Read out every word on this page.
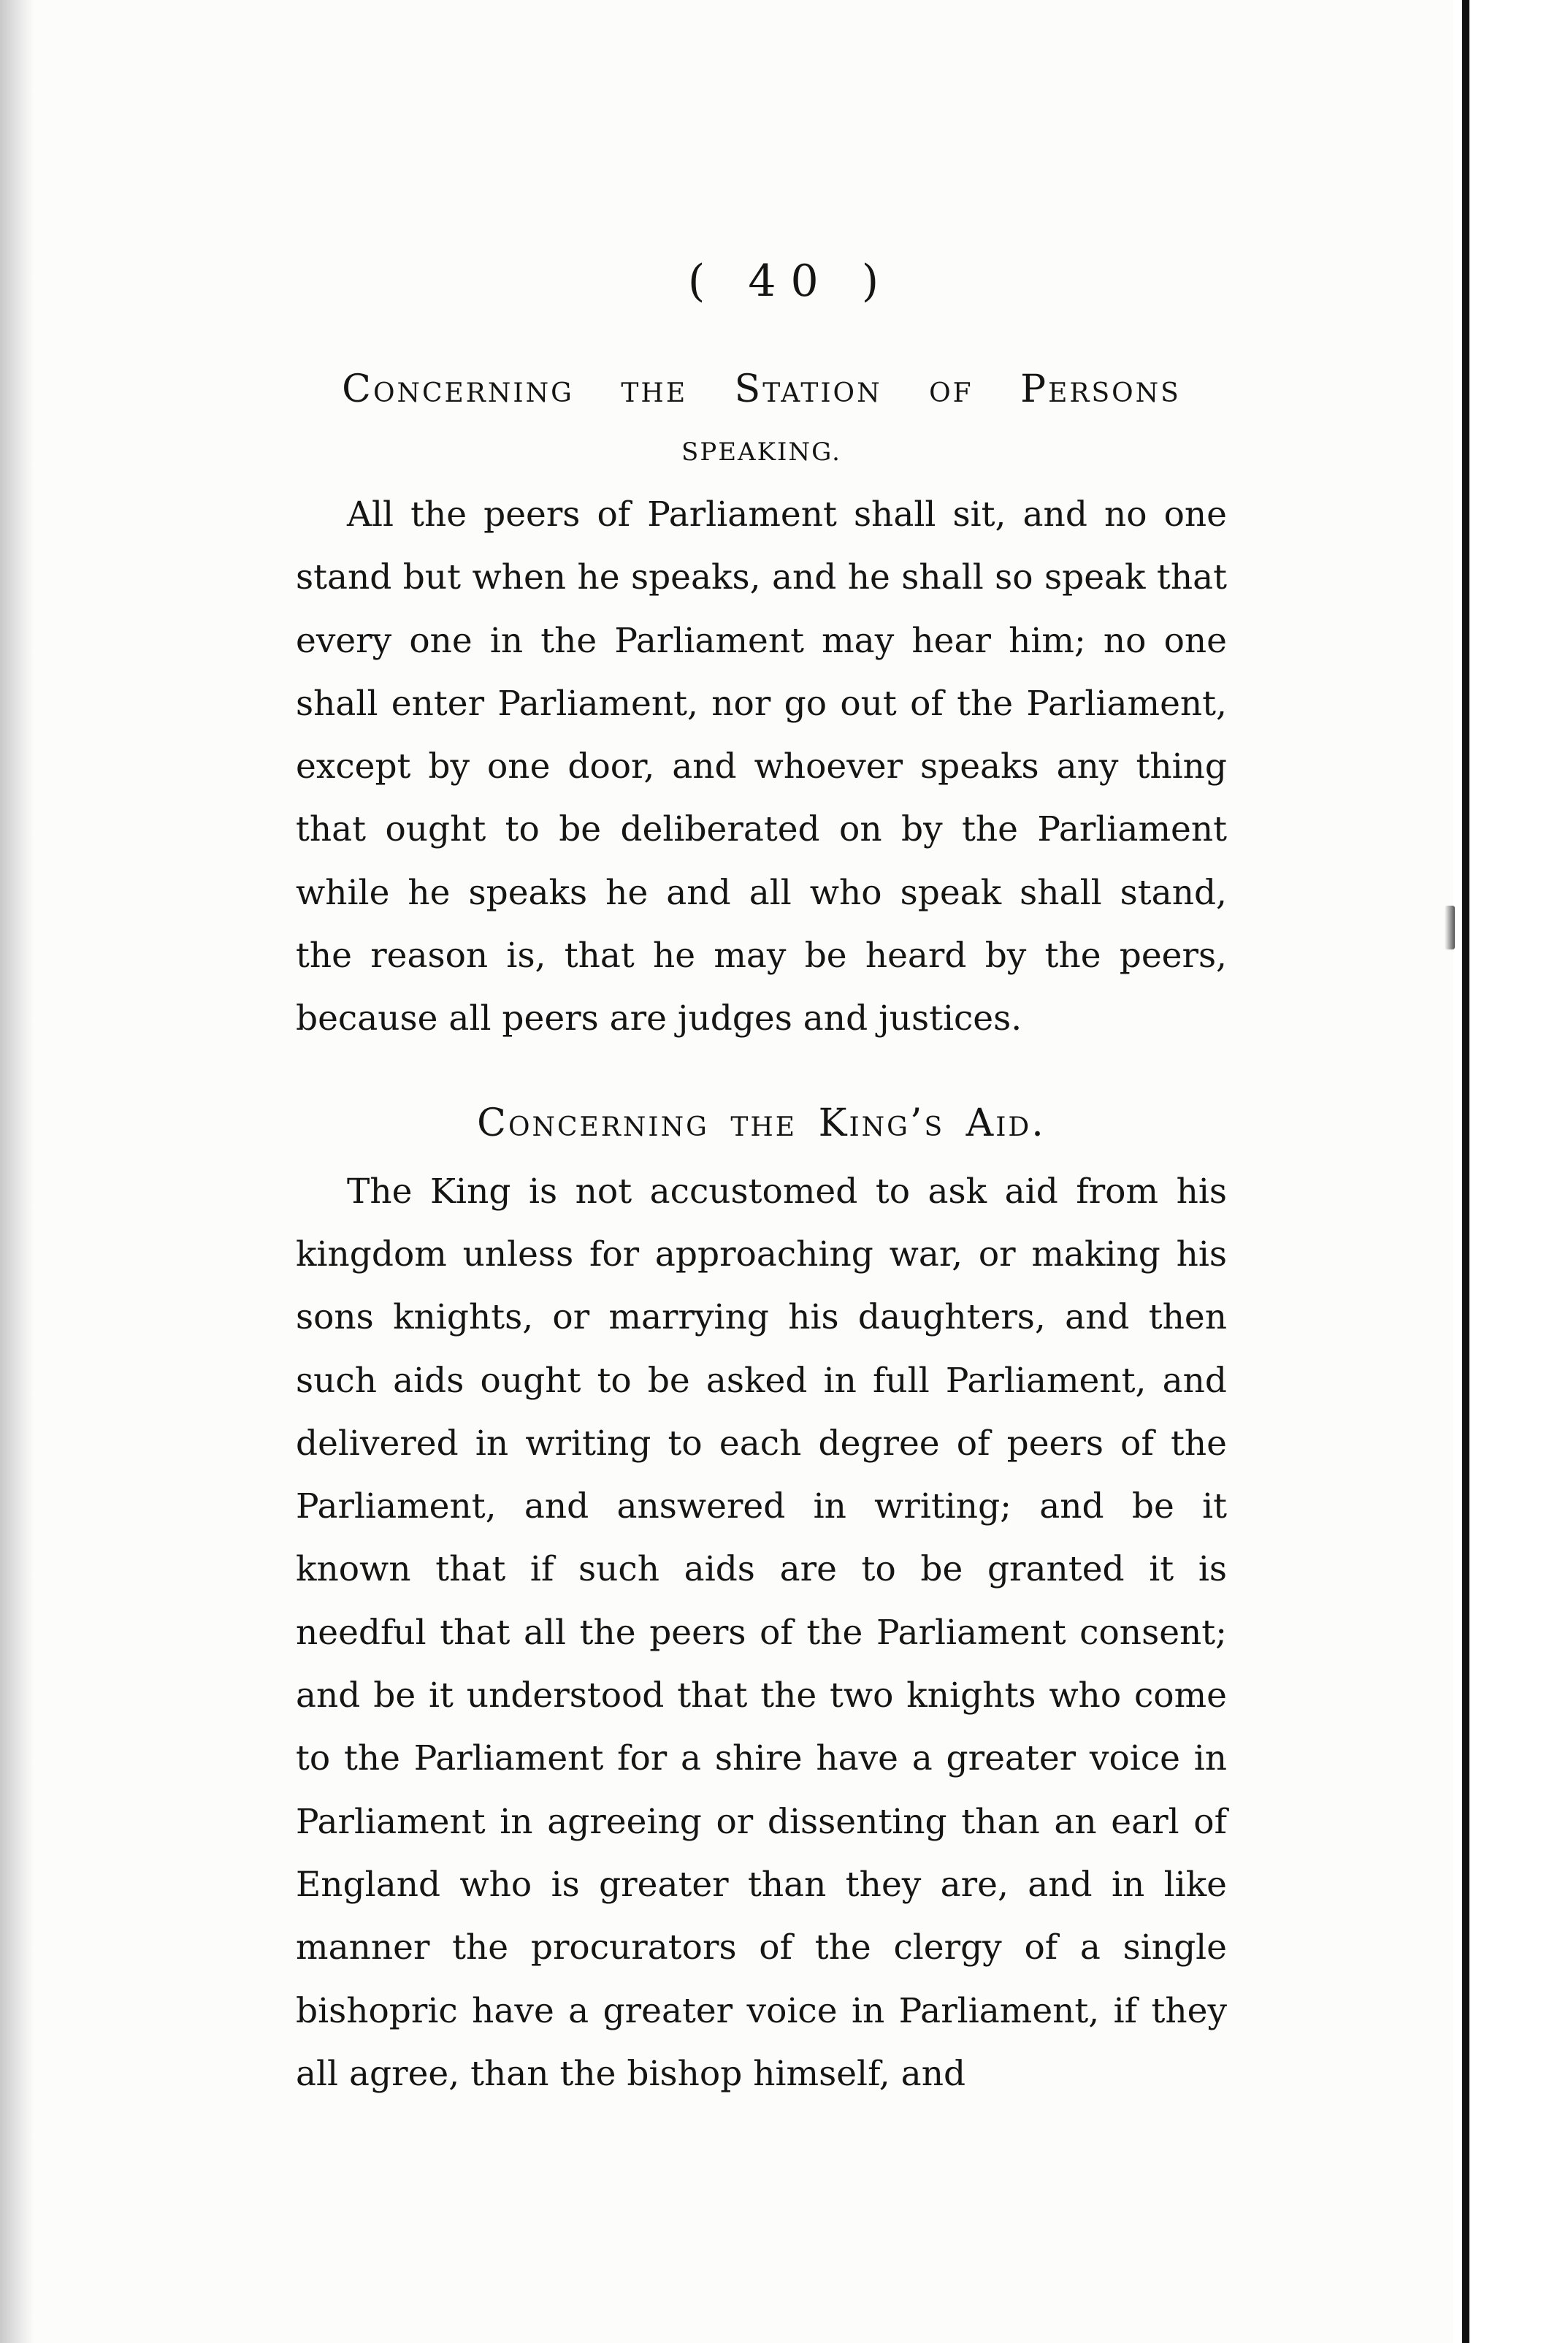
( 40 )
Concerning the Station of Persons
SPEAKING.

All the peers of Parliament shall sit, and no one stand but when he speaks, and he shall so speak that every one in the Parliament may hear him; no one shall enter Parliament, nor go out of the Parliament, except by one door, and whoever speaks any thing that ought to be deliberated on by the Parliament while he speaks he and all who speak shall stand, the reason is, that he may be heard by the peers, because all peers are judges and justices.

Concerning the King’s Aid.

The King is not accustomed to ask aid from his kingdom unless for approaching war, or making his sons knights, or marrying his daughters, and then such aids ought to be asked in full Parliament, and delivered in writing to each degree of peers of the Parliament, and answered in writing; and be it known that if such aids are to be granted it is needful that all the peers of the Parliament consent; and be it understood that the two knights who come to the Parliament for a shire have a greater voice in Parliament in agreeing or dissenting than an earl of England who is greater than they are, and in like manner the procurators of the clergy of a single bishopric have a greater voice in Parliament, if they all agree, than the bishop himself, and
